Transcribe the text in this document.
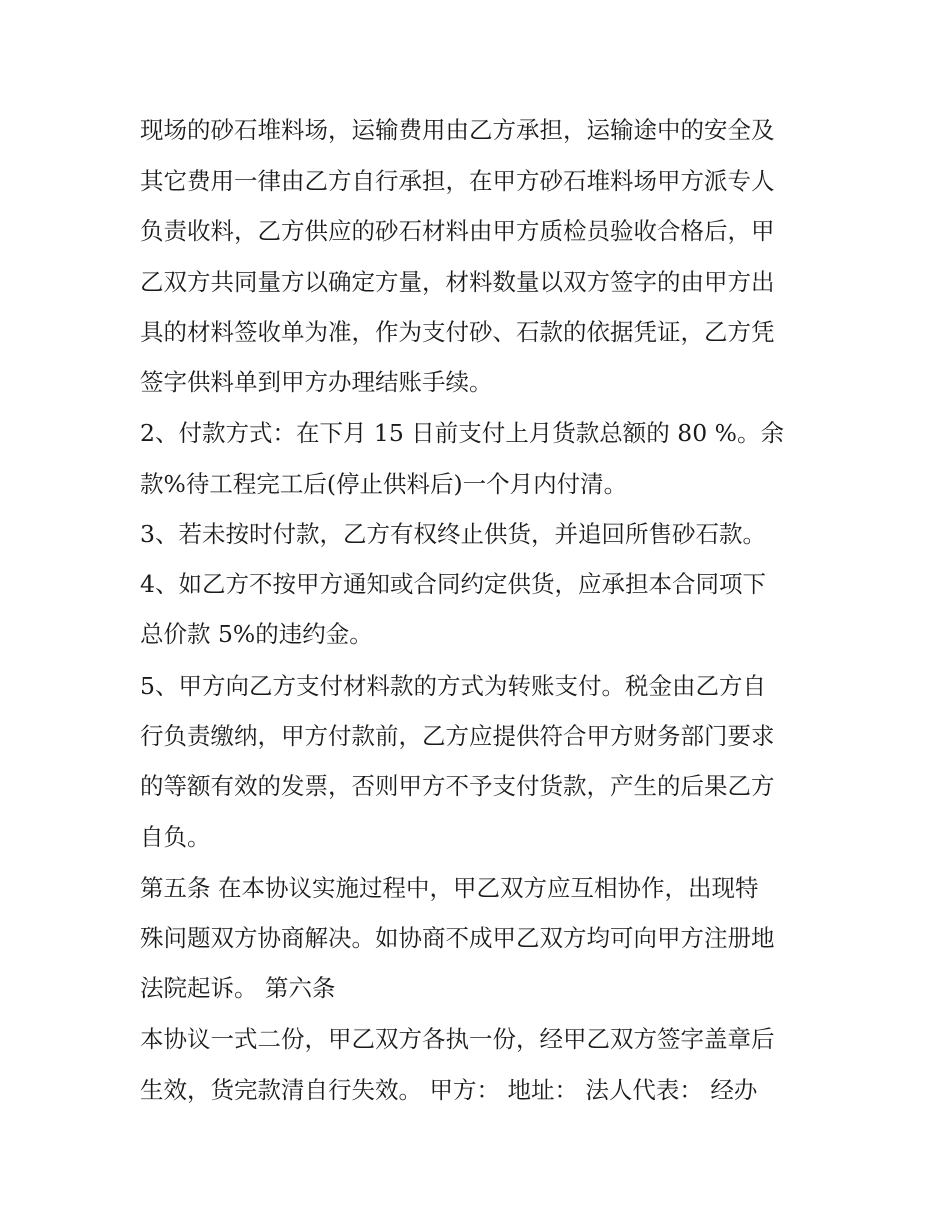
现场的砂石堆料场，运输费用由乙方承担，运输途中的安全及
其它费用一律由乙方自行承担，在甲方砂石堆料场甲方派专人
负责收料，乙方供应的砂石材料由甲方质检员验收合格后，甲
乙双方共同量方以确定方量，材料数量以双方签字的由甲方出
具的材料签收单为准，作为支付砂、石款的依据凭证，乙方凭
签字供料单到甲方办理结账手续。
2、付款方式：在下月 15 日前支付上月货款总额的 80 %。余
款%待工程完工后(停止供料后)一个月内付清。
3、若未按时付款，乙方有权终止供货，并追回所售砂石款。
4、如乙方不按甲方通知或合同约定供货，应承担本合同项下
总价款 5%的违约金。
5、甲方向乙方支付材料款的方式为转账支付。税金由乙方自
行负责缴纳，甲方付款前，乙方应提供符合甲方财务部门要求
的等额有效的发票，否则甲方不予支付货款，产生的后果乙方
自负。
第五条 在本协议实施过程中，甲乙双方应互相协作，出现特
殊问题双方协商解决。如协商不成甲乙双方均可向甲方注册地
法院起诉。 第六条
本协议一式二份，甲乙双方各执一份，经甲乙双方签字盖章后
生效，货完款清自行失效。 甲方： 地址： 法人代表： 经办
